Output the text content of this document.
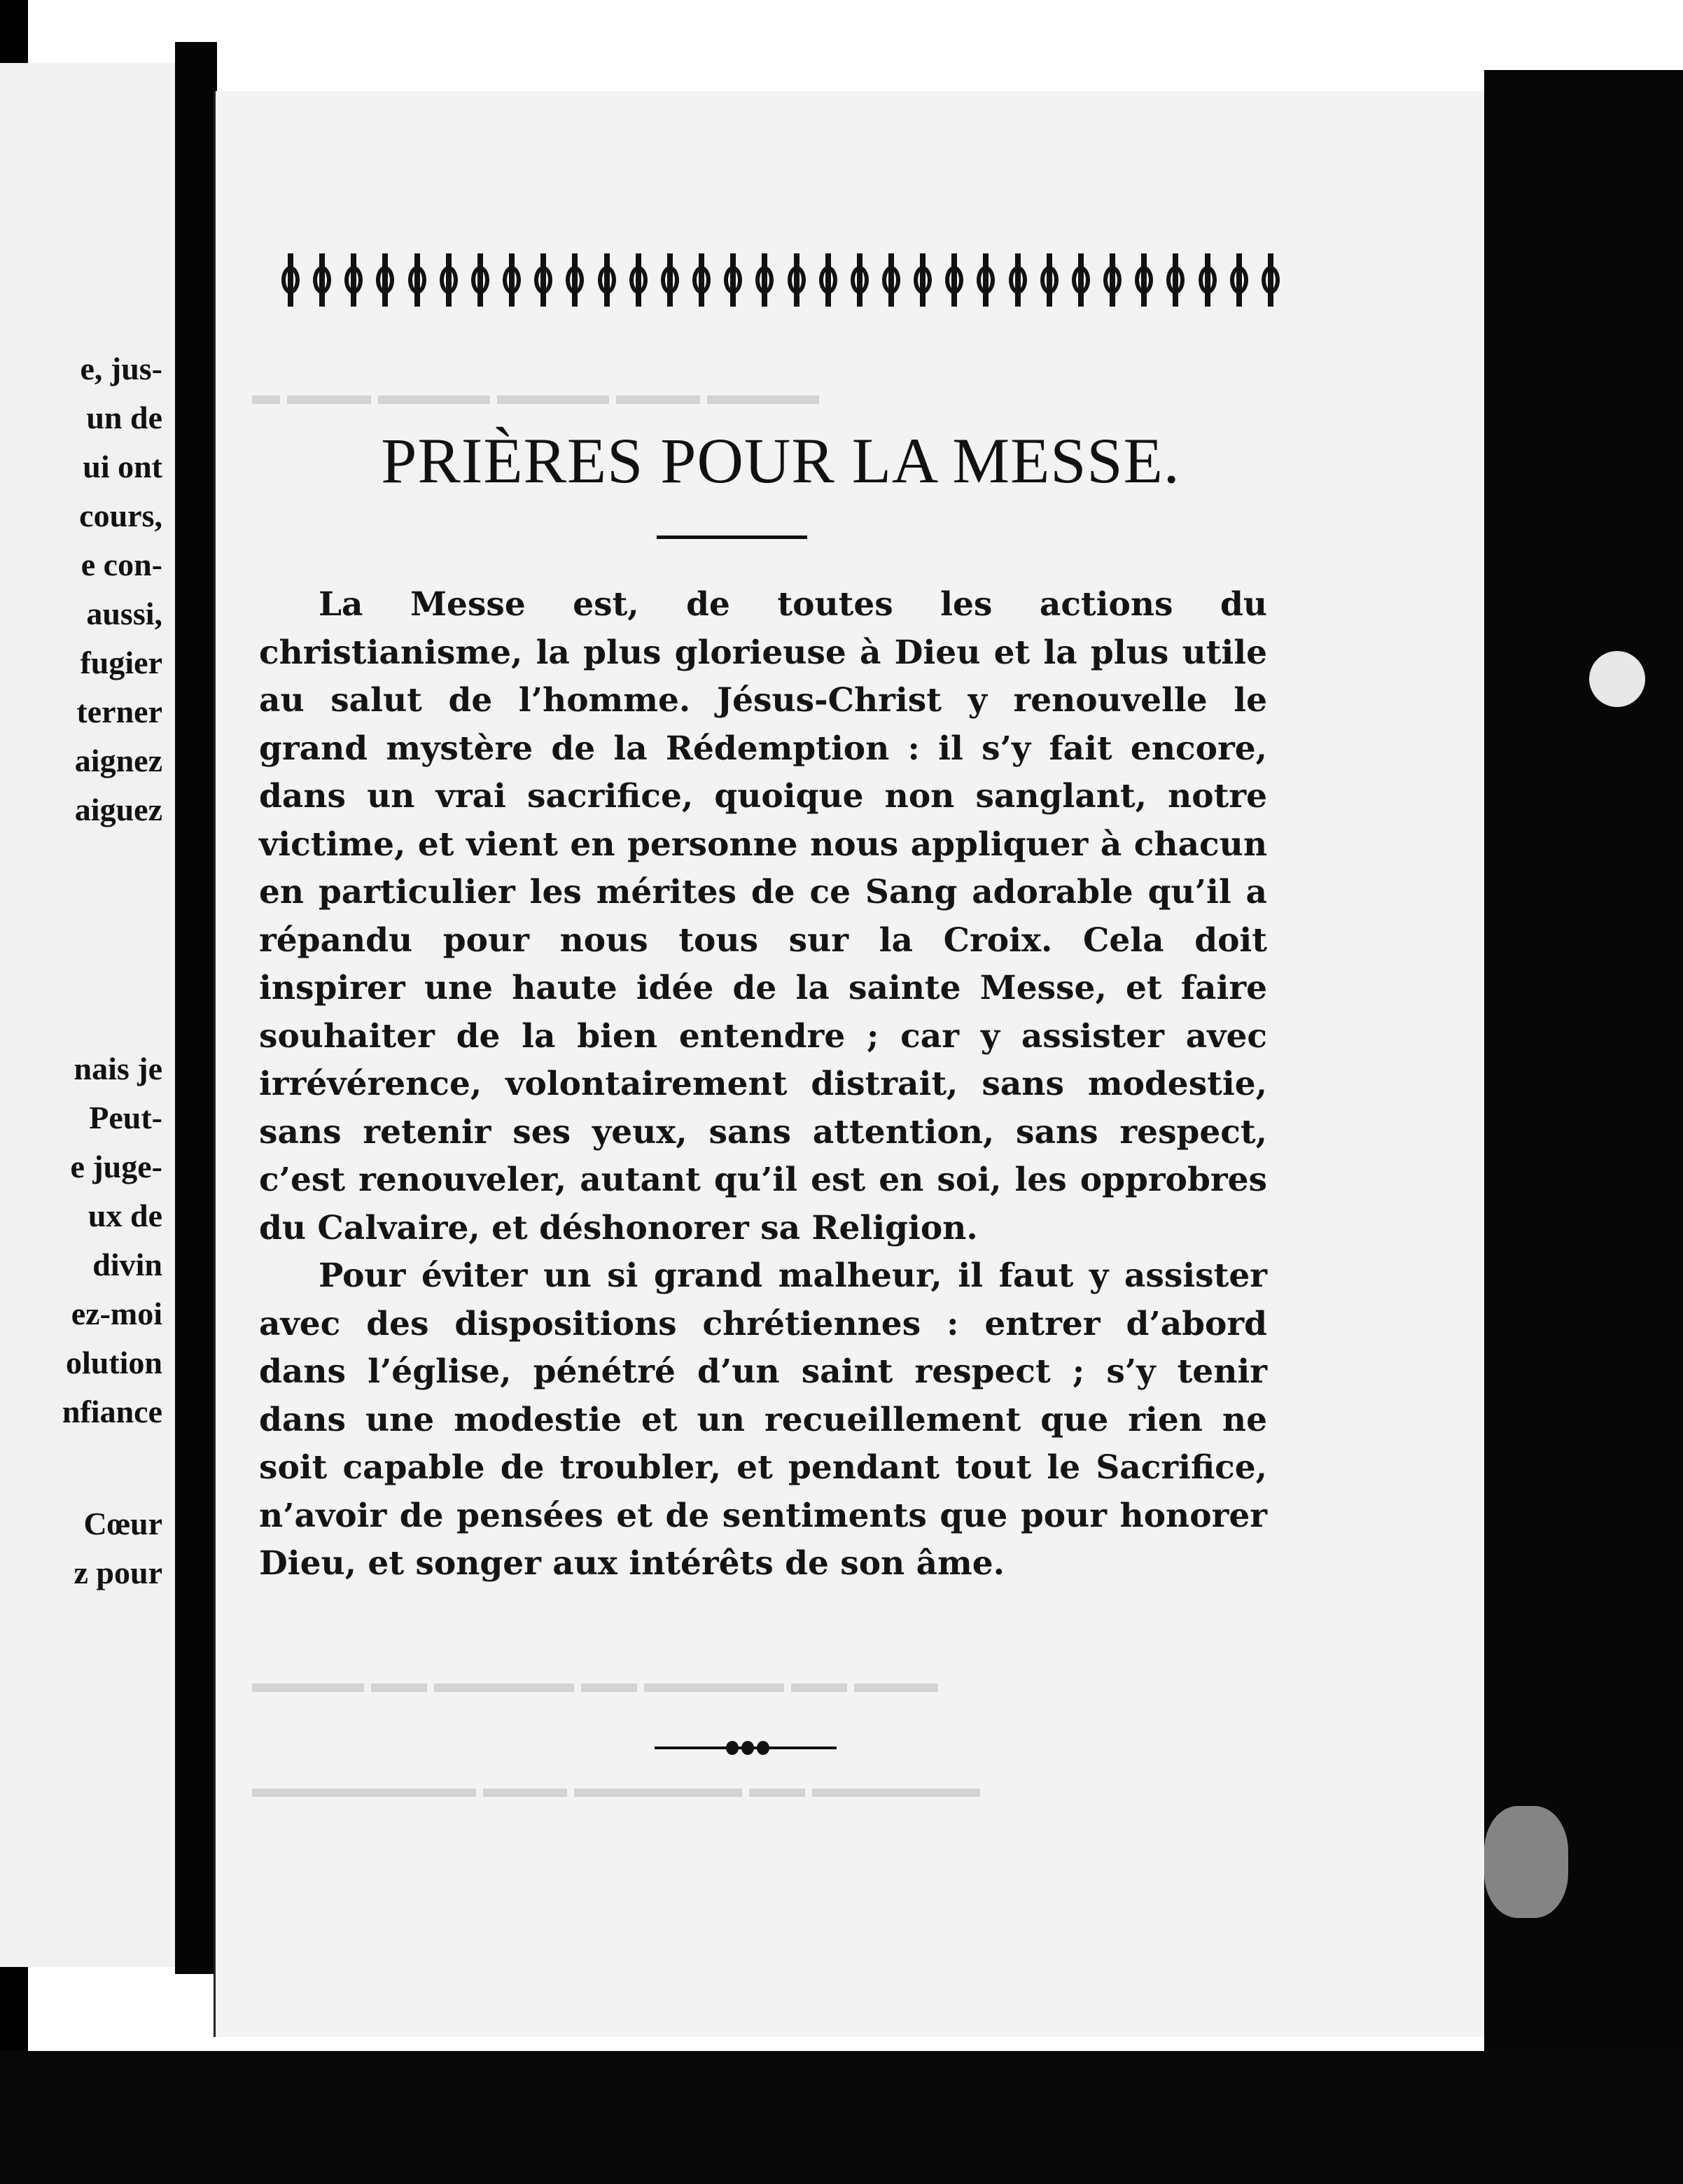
e, jus-
un de
ui ont
cours,
e con-
aussi,
fugier
terner
aignez
aiguez
nais je
Peut-
e juge-
ux de
divin
ez-moi
olution
nfiance
Cœur
z pour
▬ ▬▬▬ ▬▬▬▬ ▬▬▬▬ ▬▬▬ ▬▬▬▬
▬▬▬▬ ▬▬ ▬▬▬▬▬ ▬▬ ▬▬▬▬▬ ▬▬ ▬▬▬
▬▬▬▬▬▬▬▬ ▬▬▬ ▬▬▬▬▬▬ ▬▬ ▬▬▬▬▬▬
PRIÈRES POUR LA MESSE.

La Messe est, de toutes les actions du christianisme, la plus glorieuse à Dieu et la plus utile au salut de l’homme. Jésus-Christ y renouvelle le grand mystère de la Rédemption : il s’y fait encore, dans un vrai sacrifice, quoique non sanglant, notre victime, et vient en personne nous appliquer à chacun en particulier les mérites de ce Sang adorable qu’il a répandu pour nous tous sur la Croix. Cela doit inspirer une haute idée de la sainte Messe, et faire souhaiter de la bien entendre ; car y assister avec irrévérence, volontairement distrait, sans modestie, sans retenir ses yeux, sans attention, sans respect, c’est renouveler, autant qu’il est en soi, les opprobres du Calvaire, et déshonorer sa Religion.

Pour éviter un si grand malheur, il faut y assister avec des dispositions chrétiennes : entrer d’abord dans l’église, pénétré d’un saint respect ; s’y tenir dans une modestie et un recueillement que rien ne soit capable de troubler, et pendant tout le Sacrifice, n’avoir de pensées et de sentiments que pour honorer Dieu, et songer aux intérêts de son âme.
